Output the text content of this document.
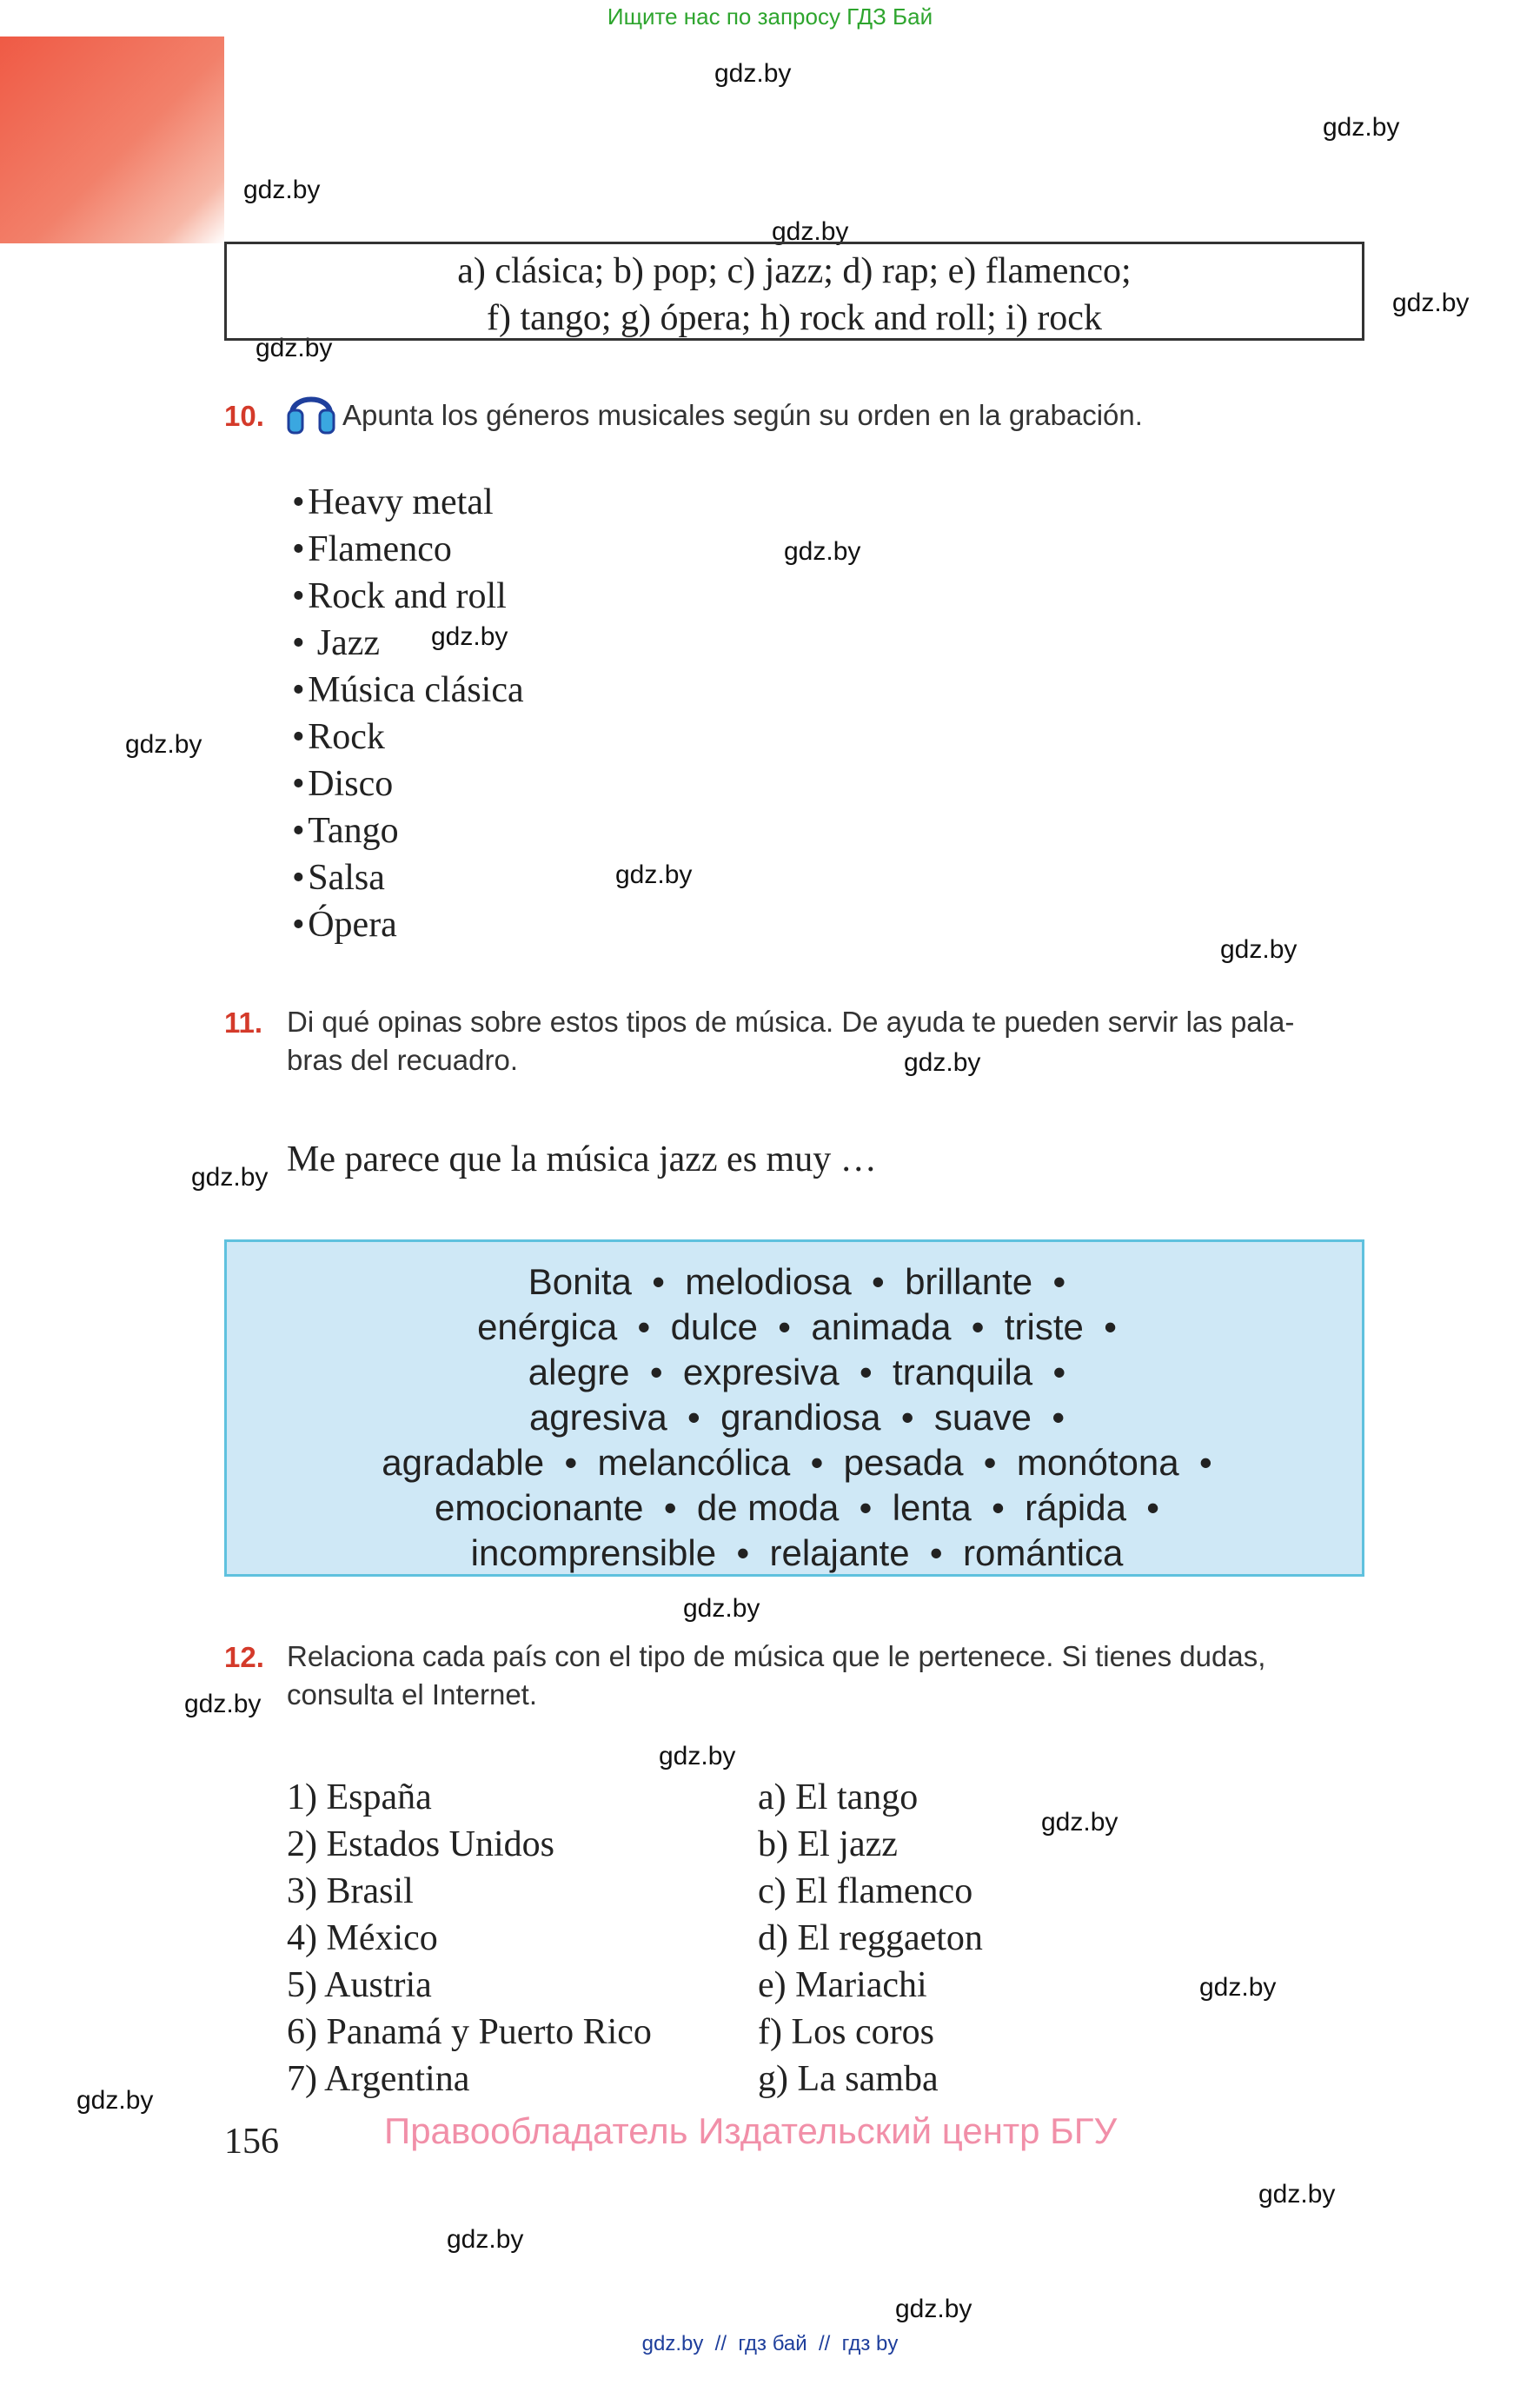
Ищите нас по запросу ГДЗ Бай
gdz.by
gdz.by
gdz.by
gdz.by
gdz.by
gdz.by
gdz.by
gdz.by
gdz.by
gdz.by
gdz.by
gdz.by
gdz.by
gdz.by
gdz.by
gdz.by
gdz.by
gdz.by
gdz.by
gdz.by
gdz.by
gdz.by
a) clásica; b) pop; c) jazz; d) rap; e) flamenco;
f) tango; g) ópera; h) rock and roll; i) rock
10.	Apunta los géneros musicales según su orden en la grabación.
• Heavy metal
• Flamenco
• Rock and roll
•  Jazz
• Música clásica
• Rock
• Disco
• Tango
• Salsa
• Ópera
11. Di qué opinas sobre estos tipos de música. De ayuda te pueden servir las pala-
bras del recuadro.
Me parece que la música jazz es muy …
Bonita  •  melodiosa  •  brillante  •
enérgica  •  dulce  •  animada  •  triste  •
alegre  •  expresiva  •  tranquila  •
agresiva  •  grandiosa  •  suave  •
agradable  •  melancólica  •  pesada  •  monótona  •
emocionante  •  de moda  •  lenta  •  rápida  •
incomprensible  •  relajante  •  romántica
12. Relaciona cada país con el tipo de música que le pertenece. Si tienes dudas,
consulta el Internet.
1) España
2) Estados Unidos
3) Brasil
4) México
5) Austria
6) Panamá y Puerto Rico
7) Argentina
a) El tango
b) El jazz
c) El flamenco
d) El reggaeton
e) Mariachi
f) Los coros
g) La samba
156	Правообладатель Издательский центр БГУ
gdz.by  //  гдз бай  //  гдз by
